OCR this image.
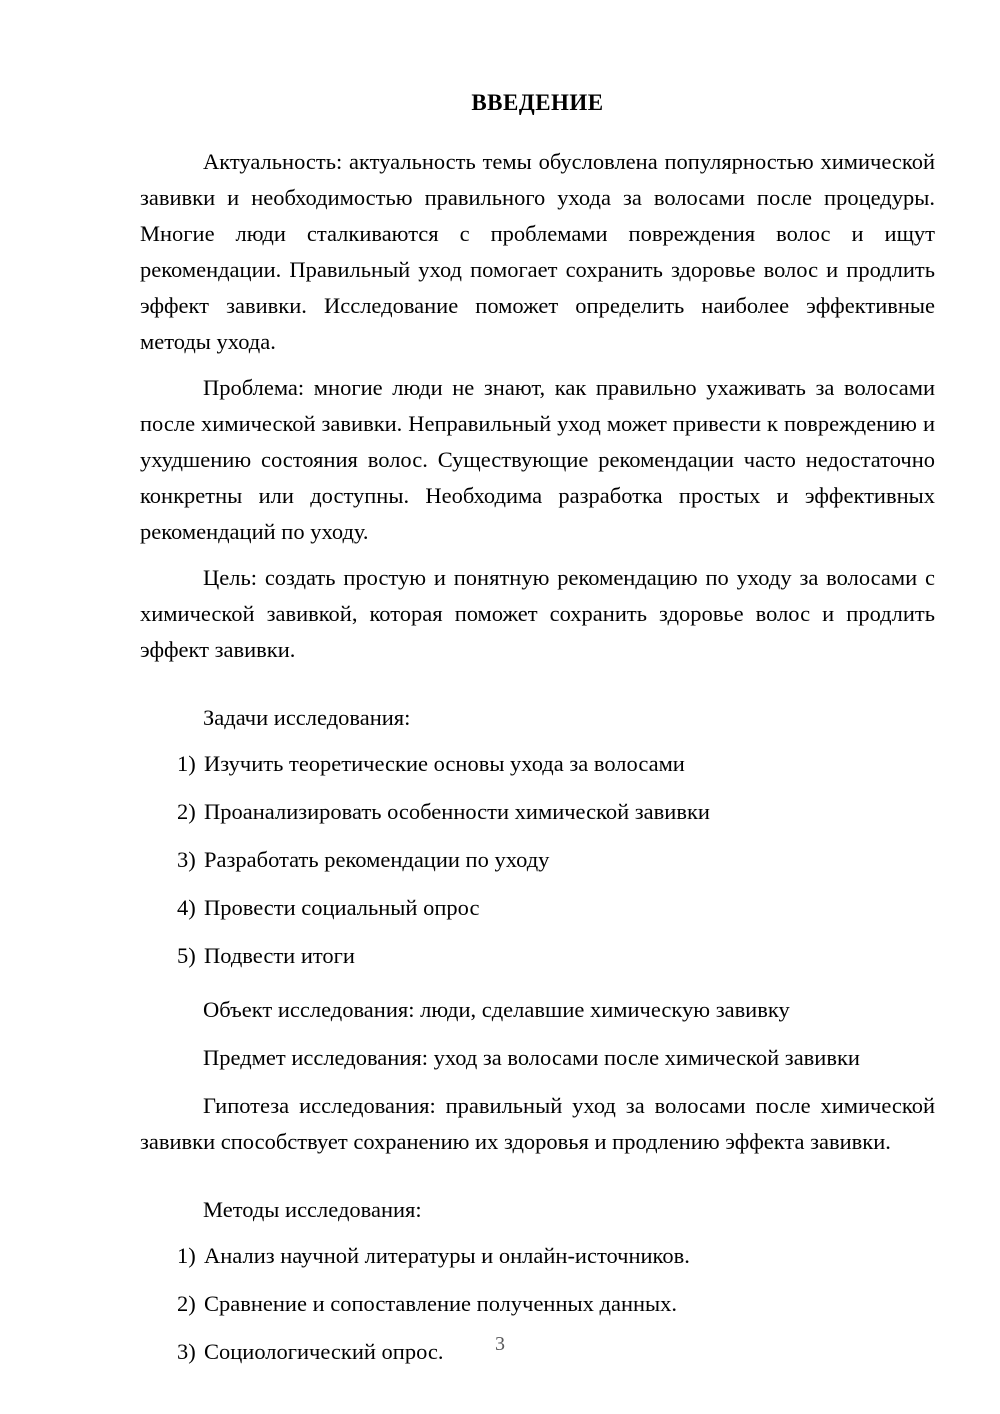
ВВЕДЕНИЕ

Актуальность: актуальность темы обусловлена популярностью химической завивки и необходимостью правильного ухода за волосами после процедуры. Многие люди сталкиваются с проблемами повреждения волос и ищут рекомендации. Правильный уход помогает сохранить здоровье волос и продлить эффект завивки. Исследование поможет определить наиболее эффективные методы ухода.

Проблема: многие люди не знают, как правильно ухаживать за волосами после химической завивки. Неправильный уход может привести к повреждению и ухудшению состояния волос. Существующие рекомендации часто недостаточно конкретны или доступны. Необходима разработка простых и эффективных рекомендаций по уходу.

Цель: создать простую и понятную рекомендацию по уходу за волосами с химической завивкой, которая поможет сохранить здоровье волос и продлить эффект завивки.

Задачи исследования:

1) Изучить теоретические основы ухода за волосами
2) Проанализировать особенности химической завивки
3) Разработать рекомендации по уходу
4) Провести социальный опрос
5) Подвести итоги

Объект исследования: люди, сделавшие химическую завивку

Предмет исследования: уход за волосами после химической завивки

Гипотеза исследования: правильный уход за волосами после химической завивки способствует сохранению их здоровья и продлению эффекта завивки.

Методы исследования:

1) Анализ научной литературы и онлайн-источников.
2) Сравнение и сопоставление полученных данных.
3) Социологический опрос.	3
